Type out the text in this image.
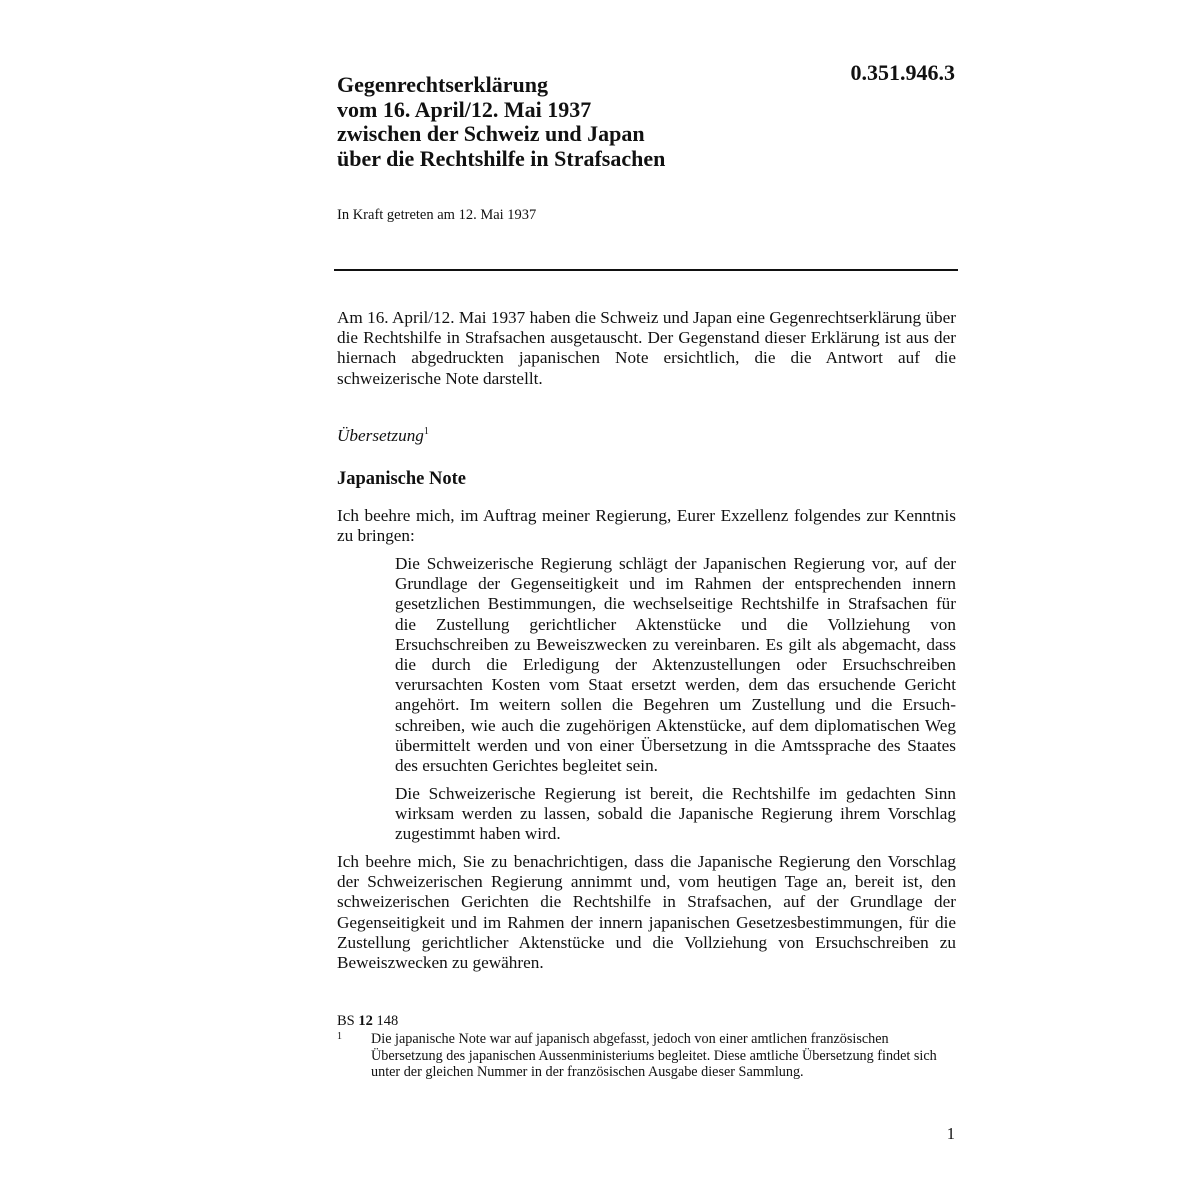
0.351.946.3

Gegenrechtserklärung
vom 16. April/12. Mai 1937
zwischen der Schweiz und Japan
über die Rechtshilfe in Strafsachen

In Kraft getreten am 12. Mai 1937

Am 16. April/12. Mai 1937 haben die Schweiz und Japan eine Gegenrechtserklärung über die Rechtshilfe in Strafsachen ausgetauscht. Der Gegenstand dieser Erklärung ist aus der hiernach abgedruckten japanischen Note ersichtlich, die die Antwort auf die schweizerische Note darstellt.

Übersetzung$^1$

Japanische Note

Ich beehre mich, im Auftrag meiner Regierung, Eurer Exzellenz folgendes zur Kenntnis zu bringen:

Die Schweizerische Regierung schlägt der Japanischen Regierung vor, auf der Grundlage der Gegenseitigkeit und im Rahmen der entsprechenden innern gesetzlichen Bestimmungen, die wechselseitige Rechtshilfe in Strafsachen für die Zustellung gerichtlicher Aktenstücke und die Vollziehung von Ersuchschreiben zu Beweiszwecken zu vereinbaren. Es gilt als abgemacht, dass die durch die Erledigung der Aktenzustellungen oder Ersuchschreiben verursachten Kosten vom Staat ersetzt werden, dem das ersuchende Gericht angehört. Im weitern sollen die Begehren um Zustellung und die Ersuchschreiben, wie auch die zugehörigen Aktenstücke, auf dem diplomatischen Weg übermittelt werden und von einer Übersetzung in die Amtssprache des Staates des ersuchten Gerichtes begleitet sein.

Die Schweizerische Regierung ist bereit, die Rechtshilfe im gedachten Sinn wirksam werden zu lassen, sobald die Japanische Regierung ihrem Vorschlag zugestimmt haben wird.

Ich beehre mich, Sie zu benachrichtigen, dass die Japanische Regierung den Vorschlag der Schweizerischen Regierung annimmt und, vom heutigen Tage an, bereit ist, den schweizerischen Gerichten die Rechtshilfe in Strafsachen, auf der Grundlage der Gegenseitigkeit und im Rahmen der innern japanischen Gesetzesbestimmungen, für die Zustellung gerichtlicher Aktenstücke und die Vollziehung von Ersuchschreiben zu Beweiszwecken zu gewähren.

BS 12 148

1 Die japanische Note war auf japanisch abgefasst, jedoch von einer amtlichen französischen Übersetzung des japanischen Aussenministeriums begleitet. Diese amtliche Übersetzung findet sich unter der gleichen Nummer in der französischen Ausgabe dieser Sammlung.

1
